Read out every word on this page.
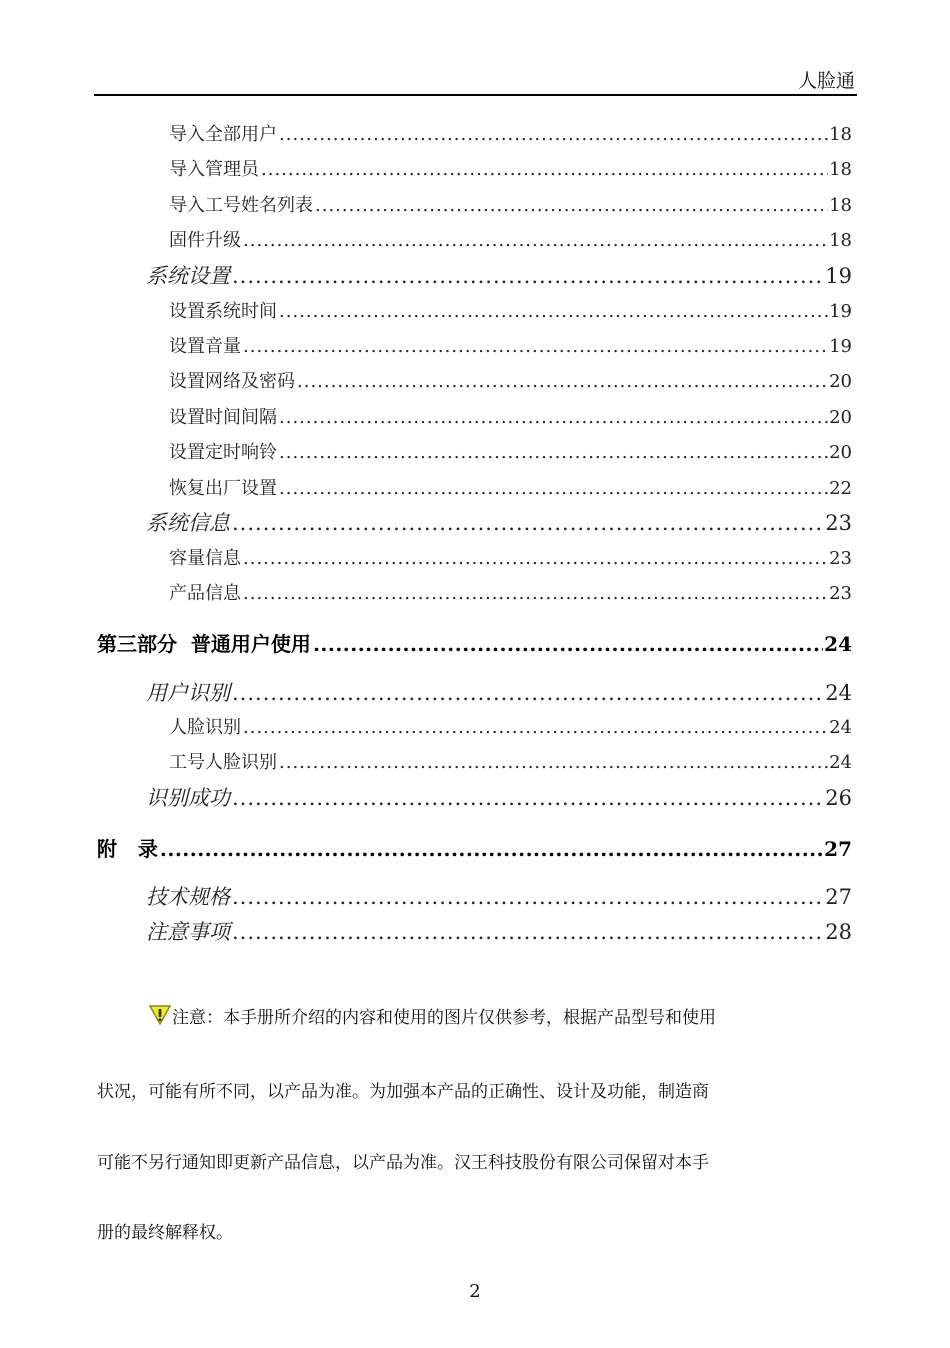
人脸通
导入全部用户 .....	18
导入管理员 .....	18
导入工号姓名列表 .....	18
固件升级 .....	18
系统设置 .....	19
设置系统时间 .....	19
设置音量 .....	19
设置网络及密码 .....	20
设置时间间隔 .....	20
设置定时响铃 .....	20
恢复出厂设置 .....	22
系统信息 .....	23
容量信息 .....	23
产品信息 .....	23
第三部分  普通用户使用 .....	24
用户识别 .....	24
人脸识别 .....	24
工号人脸识别 .....	24
识别成功 .....	26
附   录 .....	27
技术规格 .....	27
注意事项 .....	28
注意：本手册所介绍的内容和使用的图片仅供参考，根据产品型号和使用
状况，可能有所不同，以产品为准。为加强本产品的正确性、设计及功能，制造商
可能不另行通知即更新产品信息，以产品为准。汉王科技股份有限公司保留对本手
册的最终解释权。
2
